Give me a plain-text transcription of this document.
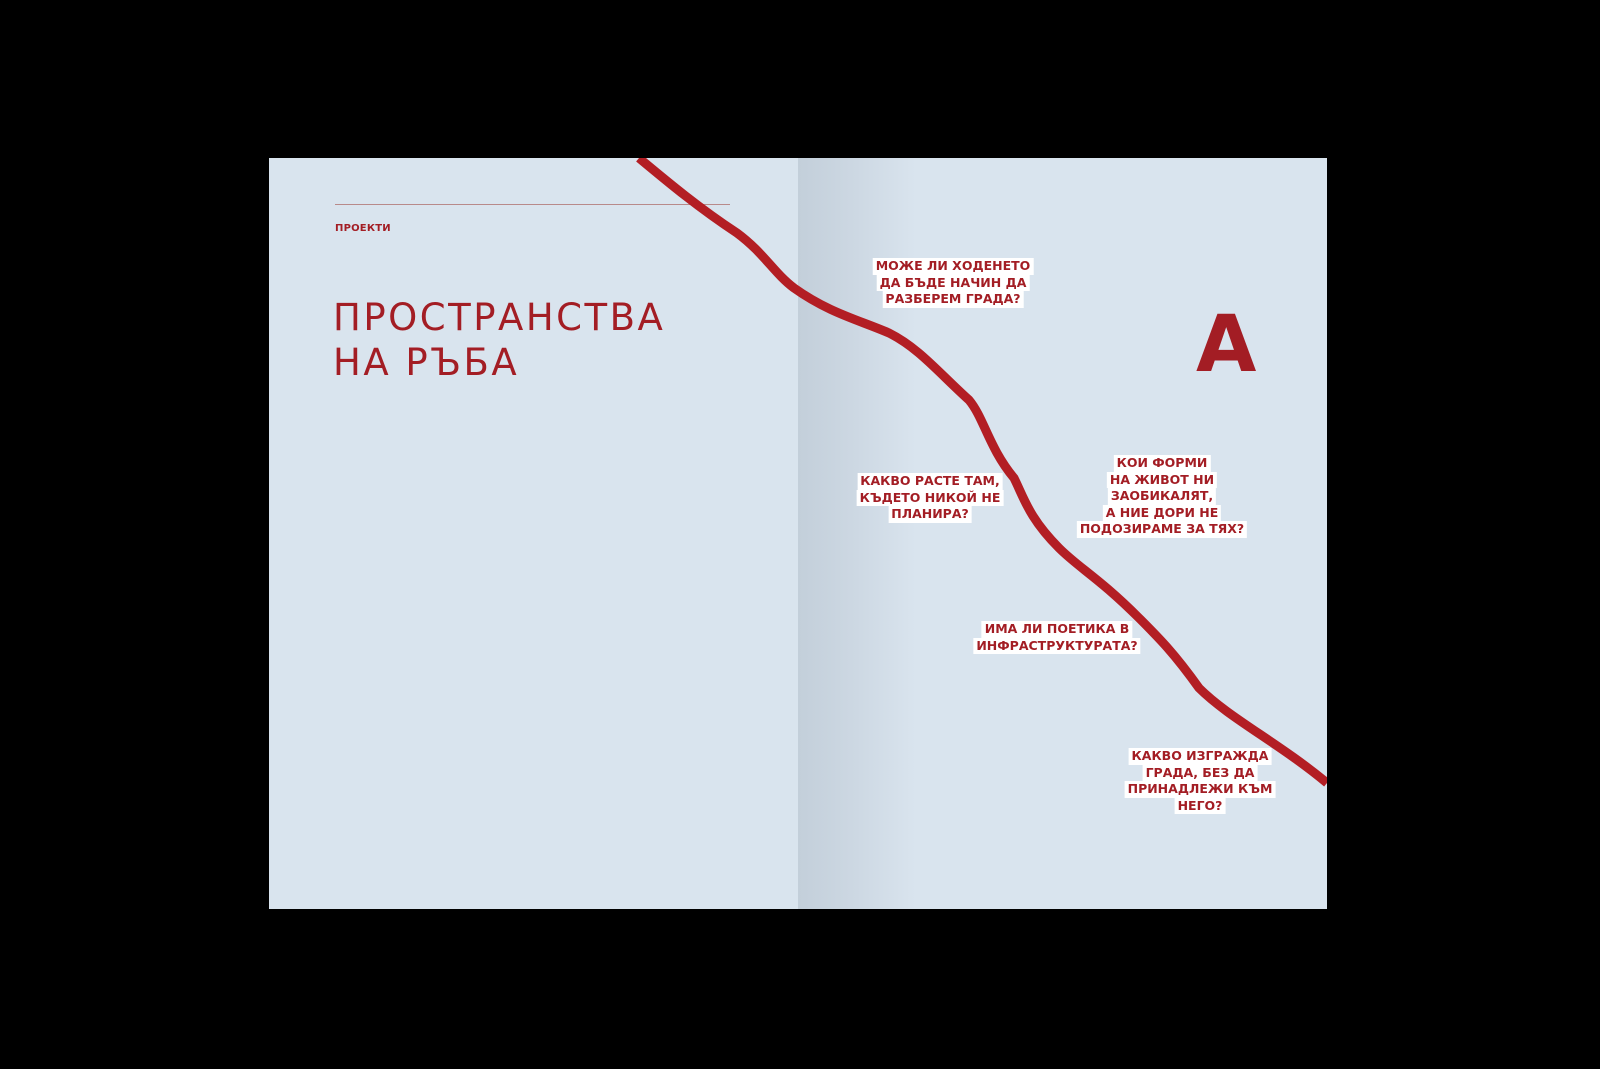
ПРОЕКТИ
ПРОСТРАНСТВА
НА РЪБА	А
МОЖЕ ЛИ ХОДЕНЕТО
ДА БЪДЕ НАЧИН ДА
РАЗБЕРЕМ ГРАДА?
КАКВО РАСТЕ ТАМ,
КЪДЕТО НИКОЙ НЕ
ПЛАНИРА?
КОИ ФОРМИ
НА ЖИВОТ НИ
ЗАОБИКАЛЯТ,
А НИЕ ДОРИ НЕ
ПОДОЗИРАМЕ ЗА ТЯХ?
ИМА ЛИ ПОЕТИКА В
ИНФРАСТРУКТУРАТА?
КАКВО ИЗГРАЖДА
ГРАДА, БЕЗ ДА
ПРИНАДЛЕЖИ КЪМ
НЕГО?
